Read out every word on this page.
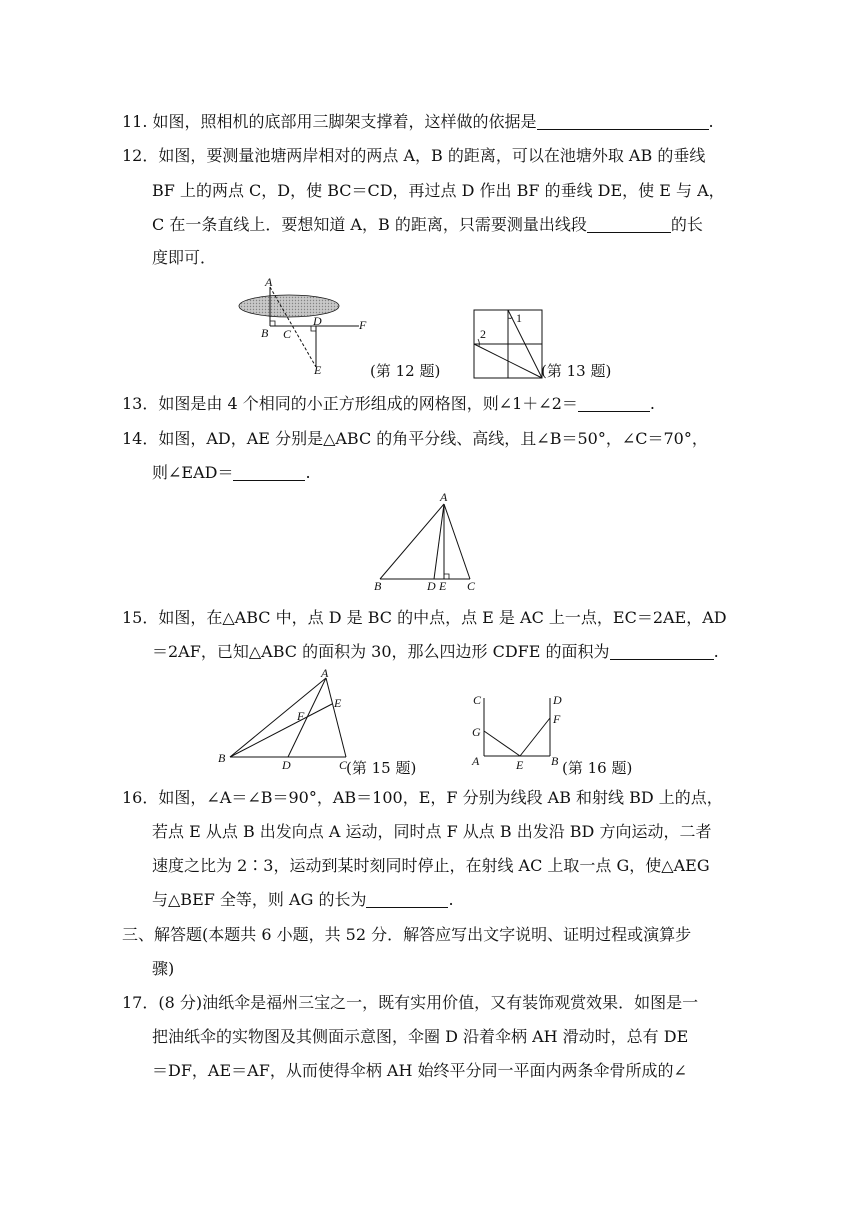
11. 如图，照相机的底部用三脚架支撑着，这样做的依据是	.
12．如图，要测量池塘两岸相对的两点 A，B 的距离，可以在池塘外取 AB 的垂线
BF 上的两点 C，D，使 BC＝CD，再过点 D 作出 BF 的垂线 DE，使 E 与 A，
C 在一条直线上．要想知道 A，B 的距离，只需要测量出线段	的长
度即可．
A
B C
D	F
E	(第 12 题)
1
2
(第 13 题)
13．如图是由 4 个相同的小正方形组成的网格图，则∠1＋∠2＝	.
14．如图，AD，AE 分别是△ABC 的角平分线、高线，且∠B＝50°，∠C＝70°，
则∠EAD＝	.
A
B	D E C
15．如图，在△ABC 中，点 D 是 BC 的中点，点 E 是 AC 上一点，EC＝2AE，AD
＝2AF，已知△ABC 的面积为 30，那么四边形 CDFE 的面积为	.
A
E
F
B	D	C
(第 15 题)
C	D
G
F
A	E B (第 16 题)
16．如图，∠A＝∠B＝90°，AB＝100，E，F 分别为线段 AB 和射线 BD 上的点，
若点 E 从点 B 出发向点 A 运动，同时点 F 从点 B 出发沿 BD 方向运动，二者
速度之比为 2∶3，运动到某时刻同时停止，在射线 AC 上取一点 G，使△AEG
与△BEF 全等，则 AG 的长为	.
三、解答题(本题共 6 小题，共 52 分．解答应写出文字说明、证明过程或演算步
骤)
17．(8 分)油纸伞是福州三宝之一，既有实用价值，又有装饰观赏效果．如图是一
把油纸伞的实物图及其侧面示意图，伞圈 D 沿着伞柄 AH 滑动时，总有 DE
＝DF，AE＝AF，从而使得伞柄 AH 始终平分同一平面内两条伞骨所成的∠
